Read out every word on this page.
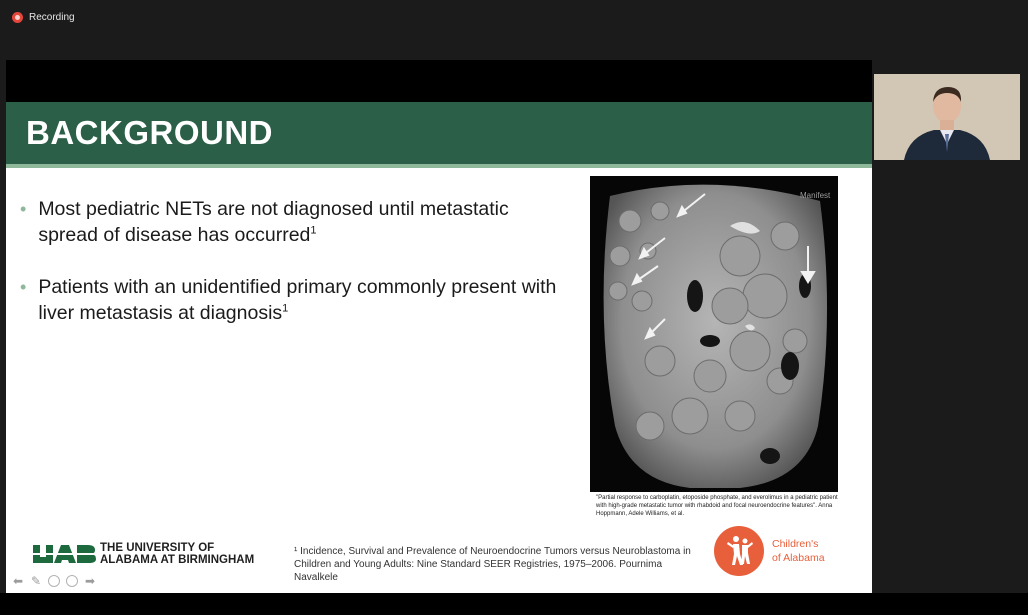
Recording
BACKGROUND
• Most pediatric NETs are not diagnosed until metastatic spread of disease has occurred$^1$
• Patients with an unidentified primary commonly present with liver metastasis at diagnosis$^1$
Manifest
"Partial response to carboplatin, etoposide phosphate, and everolimus in a pediatric patient with high-grade metastatic tumor with rhabdoid and focal neuroendocrine features". Anna Hoppmann, Adele Williams, et al.
THE UNIVERSITY OF
ALABAMA AT BIRMINGHAM
¹ Incidence, Survival and Prevalence of Neuroendocrine Tumors versus Neuroblastoma in Children and Young Adults: Nine Standard SEER Registries, 1975–2006. Pournima Navalkele
Children's
of Alabama
⬅ ✎	➡
